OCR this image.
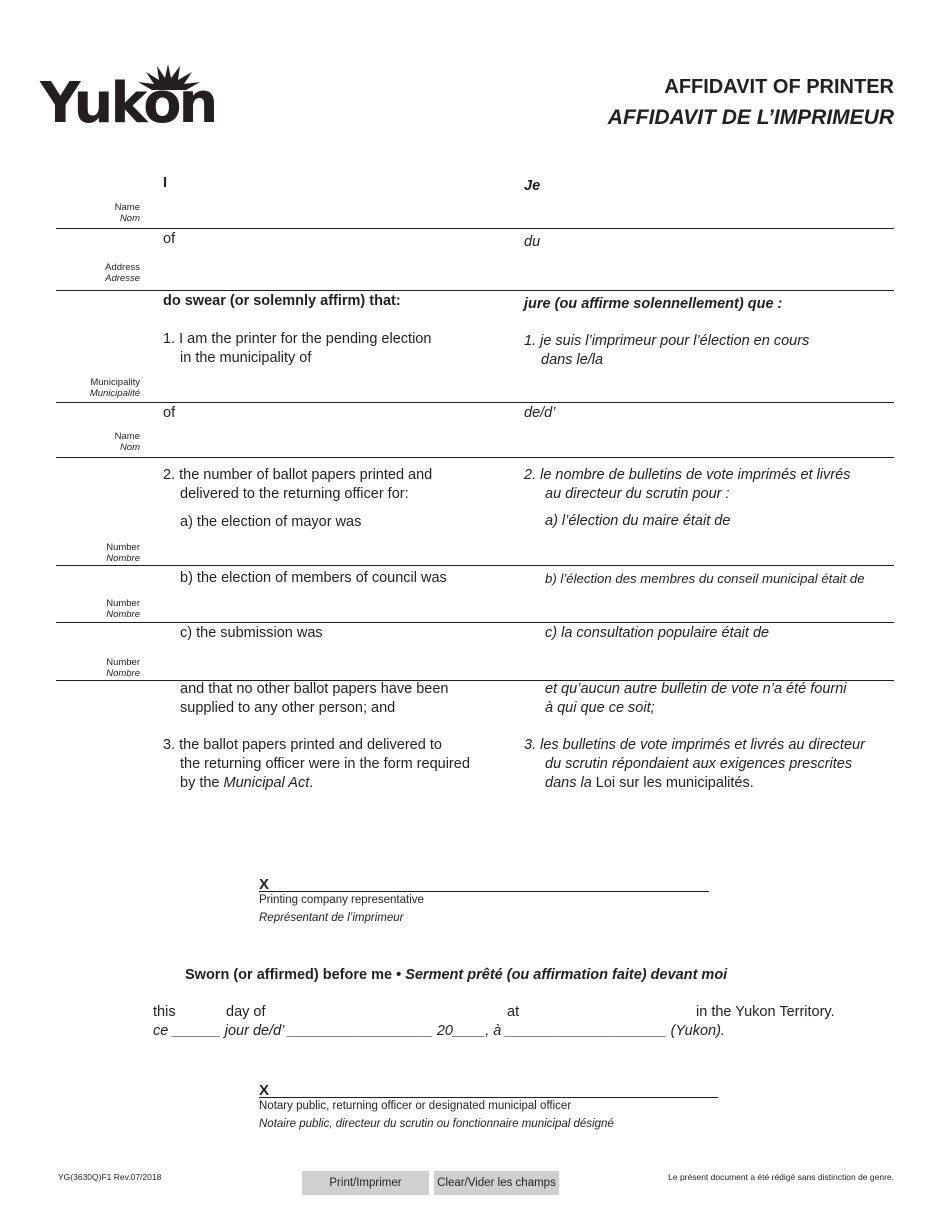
Yukon	AFFIDAVIT OF PRINTER
AFFIDAVIT DE L’IMPRIMEUR
I	Je
Name
Nom
of	du
Address
Adresse
do swear (or solemnly affirm) that:	jure (ou affirme solennellement) que :
1. I am the printer for the pending election
in the municipality of
1. je suis l’imprimeur pour l’élection en cours
dans le/la
Municipality
Municipalité
of	de/d’
Name
Nom
2. the number of ballot papers printed and
delivered to the returning officer for:
2. le nombre de bulletins de vote imprimés et livrés
au directeur du scrutin pour :
a) the election of mayor was	a) l’élection du maire était de
Number
Nombre
b) the election of members of council was	b) l’élection des membres du conseil municipal était de
Number
Nombre
c) the submission was	c) la consultation populaire était de
Number
Nombre
and that no other ballot papers have been
supplied to any other person; and
et qu’aucun autre bulletin de vote n’a été fourni
à qui que ce soit;
3. the ballot papers printed and delivered to
the returning officer were in the form required
by the Municipal Act.
3. les bulletins de vote imprimés et livrés au directeur
du scrutin répondaient aux exigences prescrites
dans la Loi sur les municipalités.
X
Printing company representative
Représentant de l’imprimeur
Sworn (or affirmed) before me • Serment prêté (ou affirmation faite) devant moi
this	day of	at	in the Yukon Territory.
ce ______ jour de/d’ __________________ 20____, à ____________________ (Yukon).
X
Notary public, returning officer or designated municipal officer
Notaire public, directeur du scrutin ou fonctionnaire municipal désigné
YG(3630Q)F1 Rev.07/2018	Print/Imprimer	Clear/Vider les champs	Le présent document a été rédigé sans distinction de genre.
